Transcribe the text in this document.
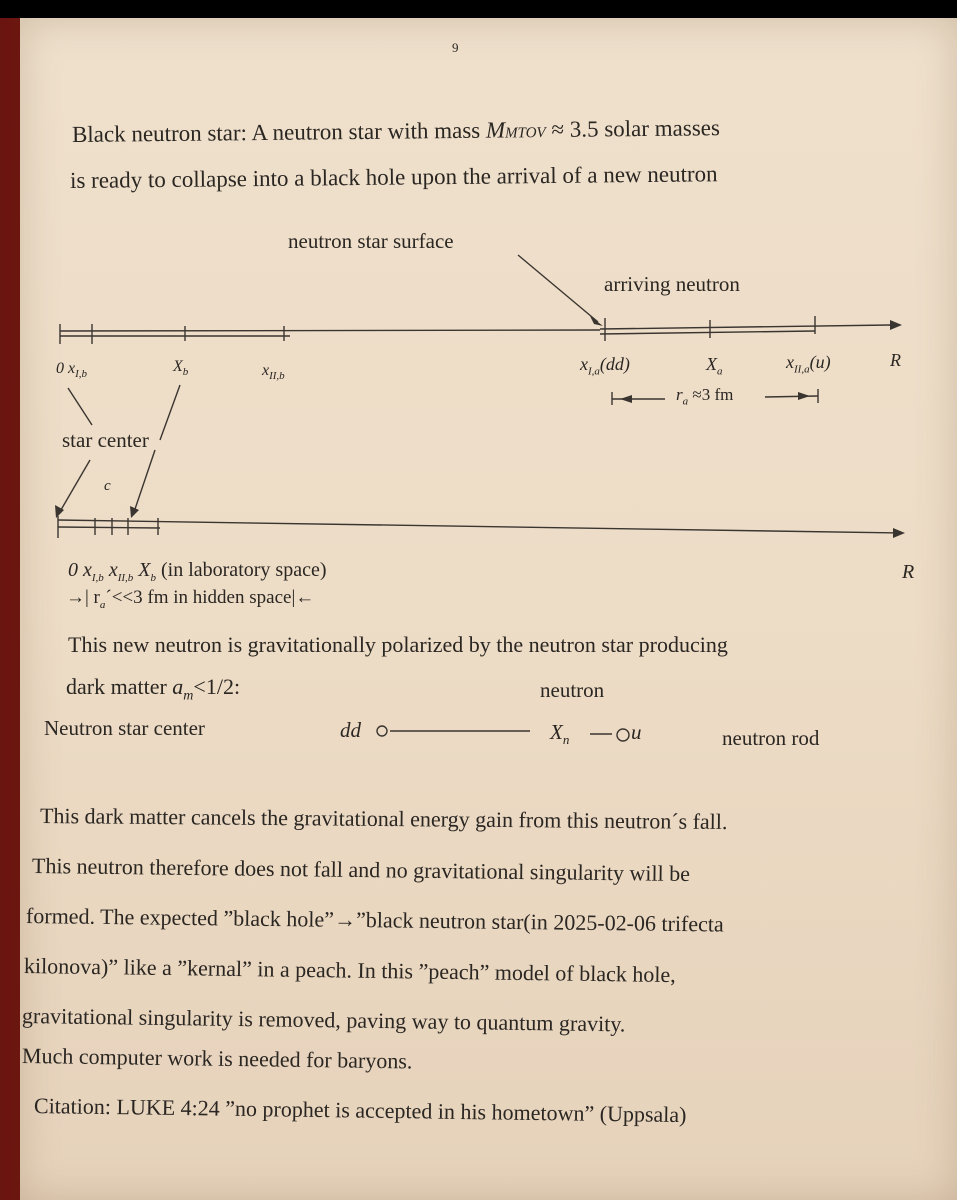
9
Black neutron star: A neutron star with mass MMTOV ≈ 3.5 solar masses
is ready to collapse into a black hole upon the arrival of a new neutron
neutron star surface
arriving neutron
0 $x_{I,b}$	$X_b$	$x_{II,b}$
$x_{I,a}(dd)$	$X_a$	$x_{II,a}(u)$	R
$r_a \approx 3$ fm
star center
c
0 $x_{I,b}$ $x_{II,b}$ $X_b$ (in laboratory space)	R
→| $r_a´<<3$ fm in hidden space|←
This new neutron is gravitationally polarized by the neutron star producing
dark matter $a_m<1/2$:	neutron
Neutron star center	dd	$X_n$	u	neutron rod
This dark matter cancels the gravitational energy gain from this neutron´s fall.
This neutron therefore does not fall and no gravitational singularity will be
formed. The expected ”black hole”→”black neutron star(in 2025-02-06 trifecta
kilonova)” like a ”kernal” in a peach. In this ”peach” model of black hole,
gravitational singularity is removed, paving way to quantum gravity.
Much computer work is needed for baryons.
Citation: LUKE 4:24 ”no prophet is accepted in his hometown” (Uppsala)
